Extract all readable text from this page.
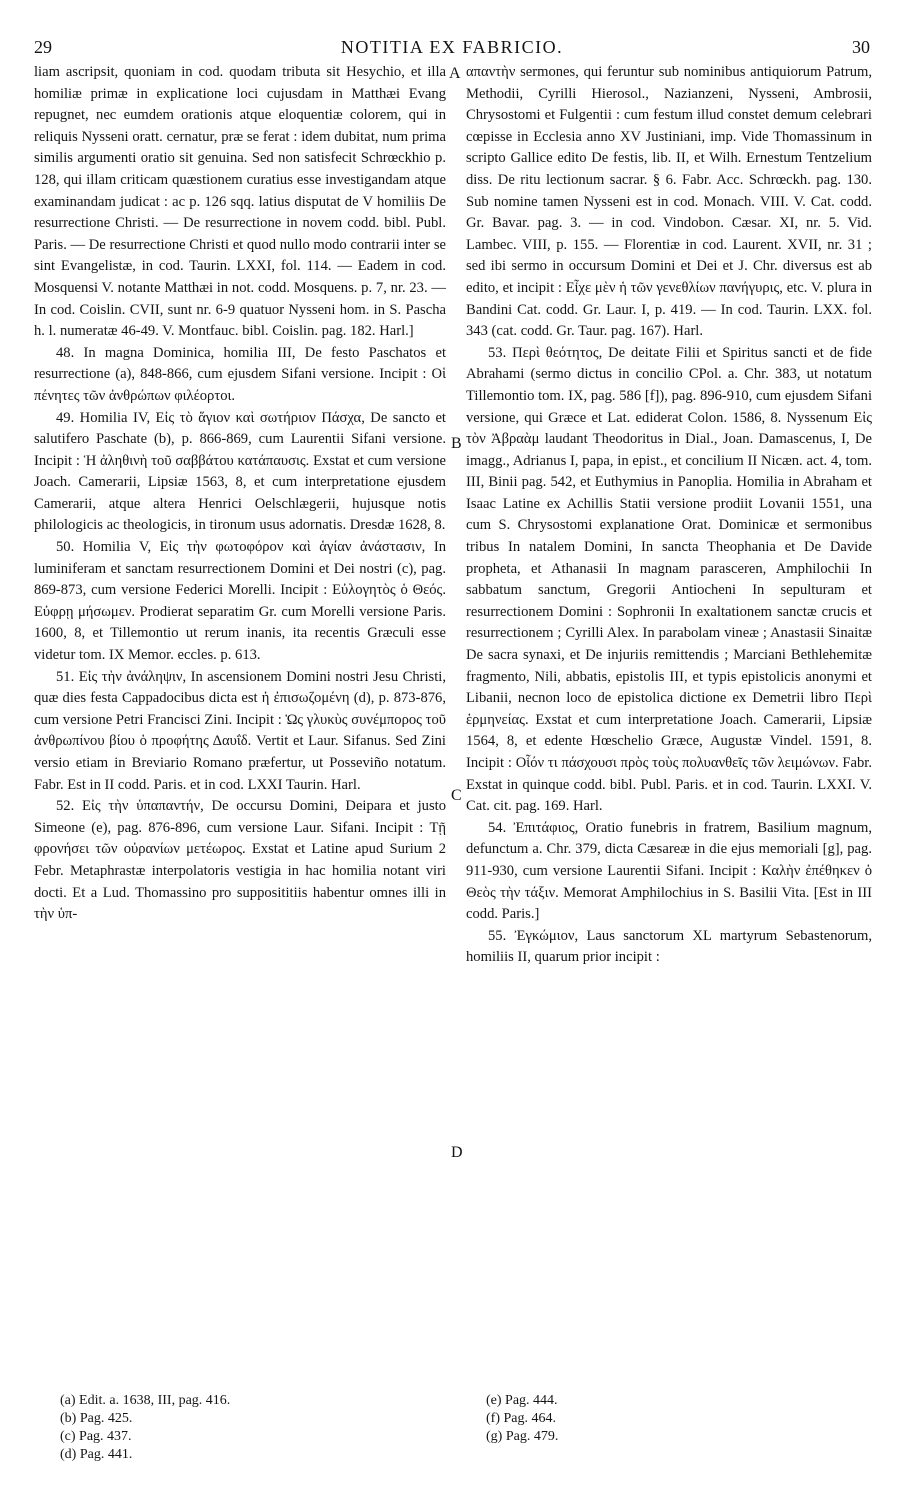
29	NOTITIA EX FABRICIO.	30

liam ascripsit, quoniam in cod. quodam tributa sit Hesychio, et illa homiliæ primæ in explicatione loci cujusdam in Matthæi Evang repugnet, nec eumdem orationis atque eloquentiæ colorem, qui in reliquis Nysseni oratt. cernatur, præ se ferat : idem dubitat, num prima similis argumenti oratio sit genuina. Sed non satisfecit Schrœckhio p. 128, qui illam criticam quæstionem curatius esse investigandam atque examinandam judicat : ac p. 126 sqq. latius disputat de V homiliis De resurrectione Christi. — De resurrectione in novem codd. bibl. Publ. Paris. — De resurrectione Christi et quod nullo modo contrarii inter se sint Evangelistæ, in cod. Taurin. LXXI, fol. 114. — Eadem in cod. Mosquensi V. notante Matthæi in not. codd. Mosquens. p. 7, nr. 23. — In cod. Coislin. CVII, sunt nr. 6-9 quatuor Nysseni hom. in S. Pascha h. l. numeratæ 46-49. V. Montfauc. bibl. Coislin. pag. 182. Harl.]

48. In magna Dominica, homilia III, De festo Paschatos et resurrectione (a), 848-866, cum ejusdem Sifani versione. Incipit : Οἱ πένητες τῶν ἀνθρώπων φιλέορτοι.

49. Homilia IV, Εἰς τὸ ἅγιον καὶ σωτήριον Πάσχα, De sancto et salutifero Paschate (b), p. 866-869, cum Laurentii Sifani versione. Incipit : Ἡ ἀληθινὴ τοῦ σαββάτου κατάπαυσις. Exstat et cum versione Joach. Camerarii, Lipsiæ 1563, 8, et cum interpretatione ejusdem Camerarii, atque altera Henrici Oelschlægerii, hujusque notis philologicis ac theologicis, in tironum usus adornatis. Dresdæ 1628, 8.

50. Homilia V, Εἰς τὴν φωτοφόρον καὶ ἁγίαν ἀνάστασιν, In luminiferam et sanctam resurrectionem Domini et Dei nostri (c), pag. 869-873, cum versione Federici Morelli. Incipit : Εὐλογητὸς ὁ Θεός. Εὐφρῃ μήσωμεν. Prodierat separatim Gr. cum Morelli versione Paris. 1600, 8, et Tillemontio ut rerum inanis, ita recentis Græculi esse videtur tom. IX Memor. eccles. p. 613.

51. Εἰς τὴν ἀνάληψιν, In ascensionem Domini nostri Jesu Christi, quæ dies festa Cappadocibus dicta est ἡ ἐπισωζομένη (d), p. 873-876, cum versione Petri Francisci Zini. Incipit : Ὡς γλυκὺς συνέμπορος τοῦ ἀνθρωπίνου βίου ὁ προφήτης Δαυΐδ. Vertit et Laur. Sifanus. Sed Zini versio etiam in Breviario Romano præfertur, ut Posseviño notatum. Fabr. Est in II codd. Paris. et in cod. LXXI Taurin. Harl.

52. Εἰς τὴν ὑπαπαντήν, De occursu Domini, Deipara et justo Simeone (e), pag. 876-896, cum versione Laur. Sifani. Incipit : Τῇ φρονήσει τῶν οὐρανίων μετέωρος. Exstat et Latine apud Surium 2 Febr. Metaphrastæ interpolatoris vestigia in hac homilia notant viri docti. Et a Lud. Thomassino pro supposititiis habentur omnes illi in τὴν ὑπ-

απαντὴν sermones, qui feruntur sub nominibus antiquiorum Patrum, Methodii, Cyrilli Hierosol., Nazianzeni, Nysseni, Ambrosii, Chrysostomi et Fulgentii : cum festum illud constet demum celebrari cœpisse in Ecclesia anno XV Justiniani, imp. Vide Thomassinum in scripto Gallice edito De festis, lib. II, et Wilh. Ernestum Tentzelium diss. De ritu lectionum sacrar. § 6. Fabr. Acc. Schrœckh. pag. 130. Sub nomine tamen Nysseni est in cod. Monach. VIII. V. Cat. codd. Gr. Bavar. pag. 3. — in cod. Vindobon. Cæsar. XI, nr. 5. Vid. Lambec. VIII, p. 155. — Florentiæ in cod. Laurent. XVII, nr. 31 ; sed ibi sermo in occursum Domini et Dei et J. Chr. diversus est ab edito, et incipit : Εἶχε μὲν ἡ τῶν γενεθλίων πανήγυρις, etc. V. plura in Bandini Cat. codd. Gr. Laur. I, p. 419. — In cod. Taurin. LXX. fol. 343 (cat. codd. Gr. Taur. pag. 167). Harl.

53. Περὶ θεότητος, De deitate Filii et Spiritus sancti et de fide Abrahami (sermo dictus in concilio CPol. a. Chr. 383, ut notatum Tillemontio tom. IX, pag. 586 [f]), pag. 896-910, cum ejusdem Sifani versione, qui Græce et Lat. ediderat Colon. 1586, 8. Nyssenum Εἰς τὸν Ἀβραὰμ laudant Theodoritus in Dial., Joan. Damascenus, I, De imagg., Adrianus I, papa, in epist., et concilium II Nicæn. act. 4, tom. III, Binii pag. 542, et Euthymius in Panoplia. Homilia in Abraham et Isaac Latine ex Achillis Statii versione prodiit Lovanii 1551, una cum S. Chrysostomi explanatione Orat. Dominicæ et sermonibus tribus In natalem Domini, In sancta Theophania et De Davide propheta, et Athanasii In magnam parasceren, Amphilochii In sabbatum sanctum, Gregorii Antiocheni In sepulturam et resurrectionem Domini : Sophronii In exaltationem sanctæ crucis et resurrectionem ; Cyrilli Alex. In parabolam vineæ ; Anastasii Sinaitæ De sacra synaxi, et De injuriis remittendis ; Marciani Bethlehemitæ fragmento, Nili, abbatis, epistolis III, et typis epistolicis anonymi et Libanii, necnon loco de epistolica dictione ex Demetrii libro Περὶ ἑρμηνείας. Exstat et cum interpretatione Joach. Camerarii, Lipsiæ 1564, 8, et edente Hœschelio Græce, Augustæ Vindel. 1591, 8. Incipit : Οἷόν τι πάσχουσι πρὸς τοὺς πολυανθεῖς τῶν λειμώνων. Fabr. Exstat in quinque codd. bibl. Publ. Paris. et in cod. Taurin. LXXI. V. Cat. cit. pag. 169. Harl.

54. Ἐπιτάφιος, Oratio funebris in fratrem, Basilium magnum, defunctum a. Chr. 379, dicta Cæsareæ in die ejus memoriali [g], pag. 911-930, cum versione Laurentii Sifani. Incipit : Καλὴν ἐπέθηκεν ὁ Θεὸς τὴν τάξιν. Memorat Amphilochius in S. Basilii Vita. [Est in III codd. Paris.]

55. Ἐγκώμιον, Laus sanctorum XL martyrum Sebastenorum, homiliis II, quarum prior incipit :

A
B
C
D
(a) Edit. a. 1638, III, pag. 416.
(b) Pag. 425.
(c) Pag. 437.
(d) Pag. 441.
(e) Pag. 444.
(f) Pag. 464.
(g) Pag. 479.
